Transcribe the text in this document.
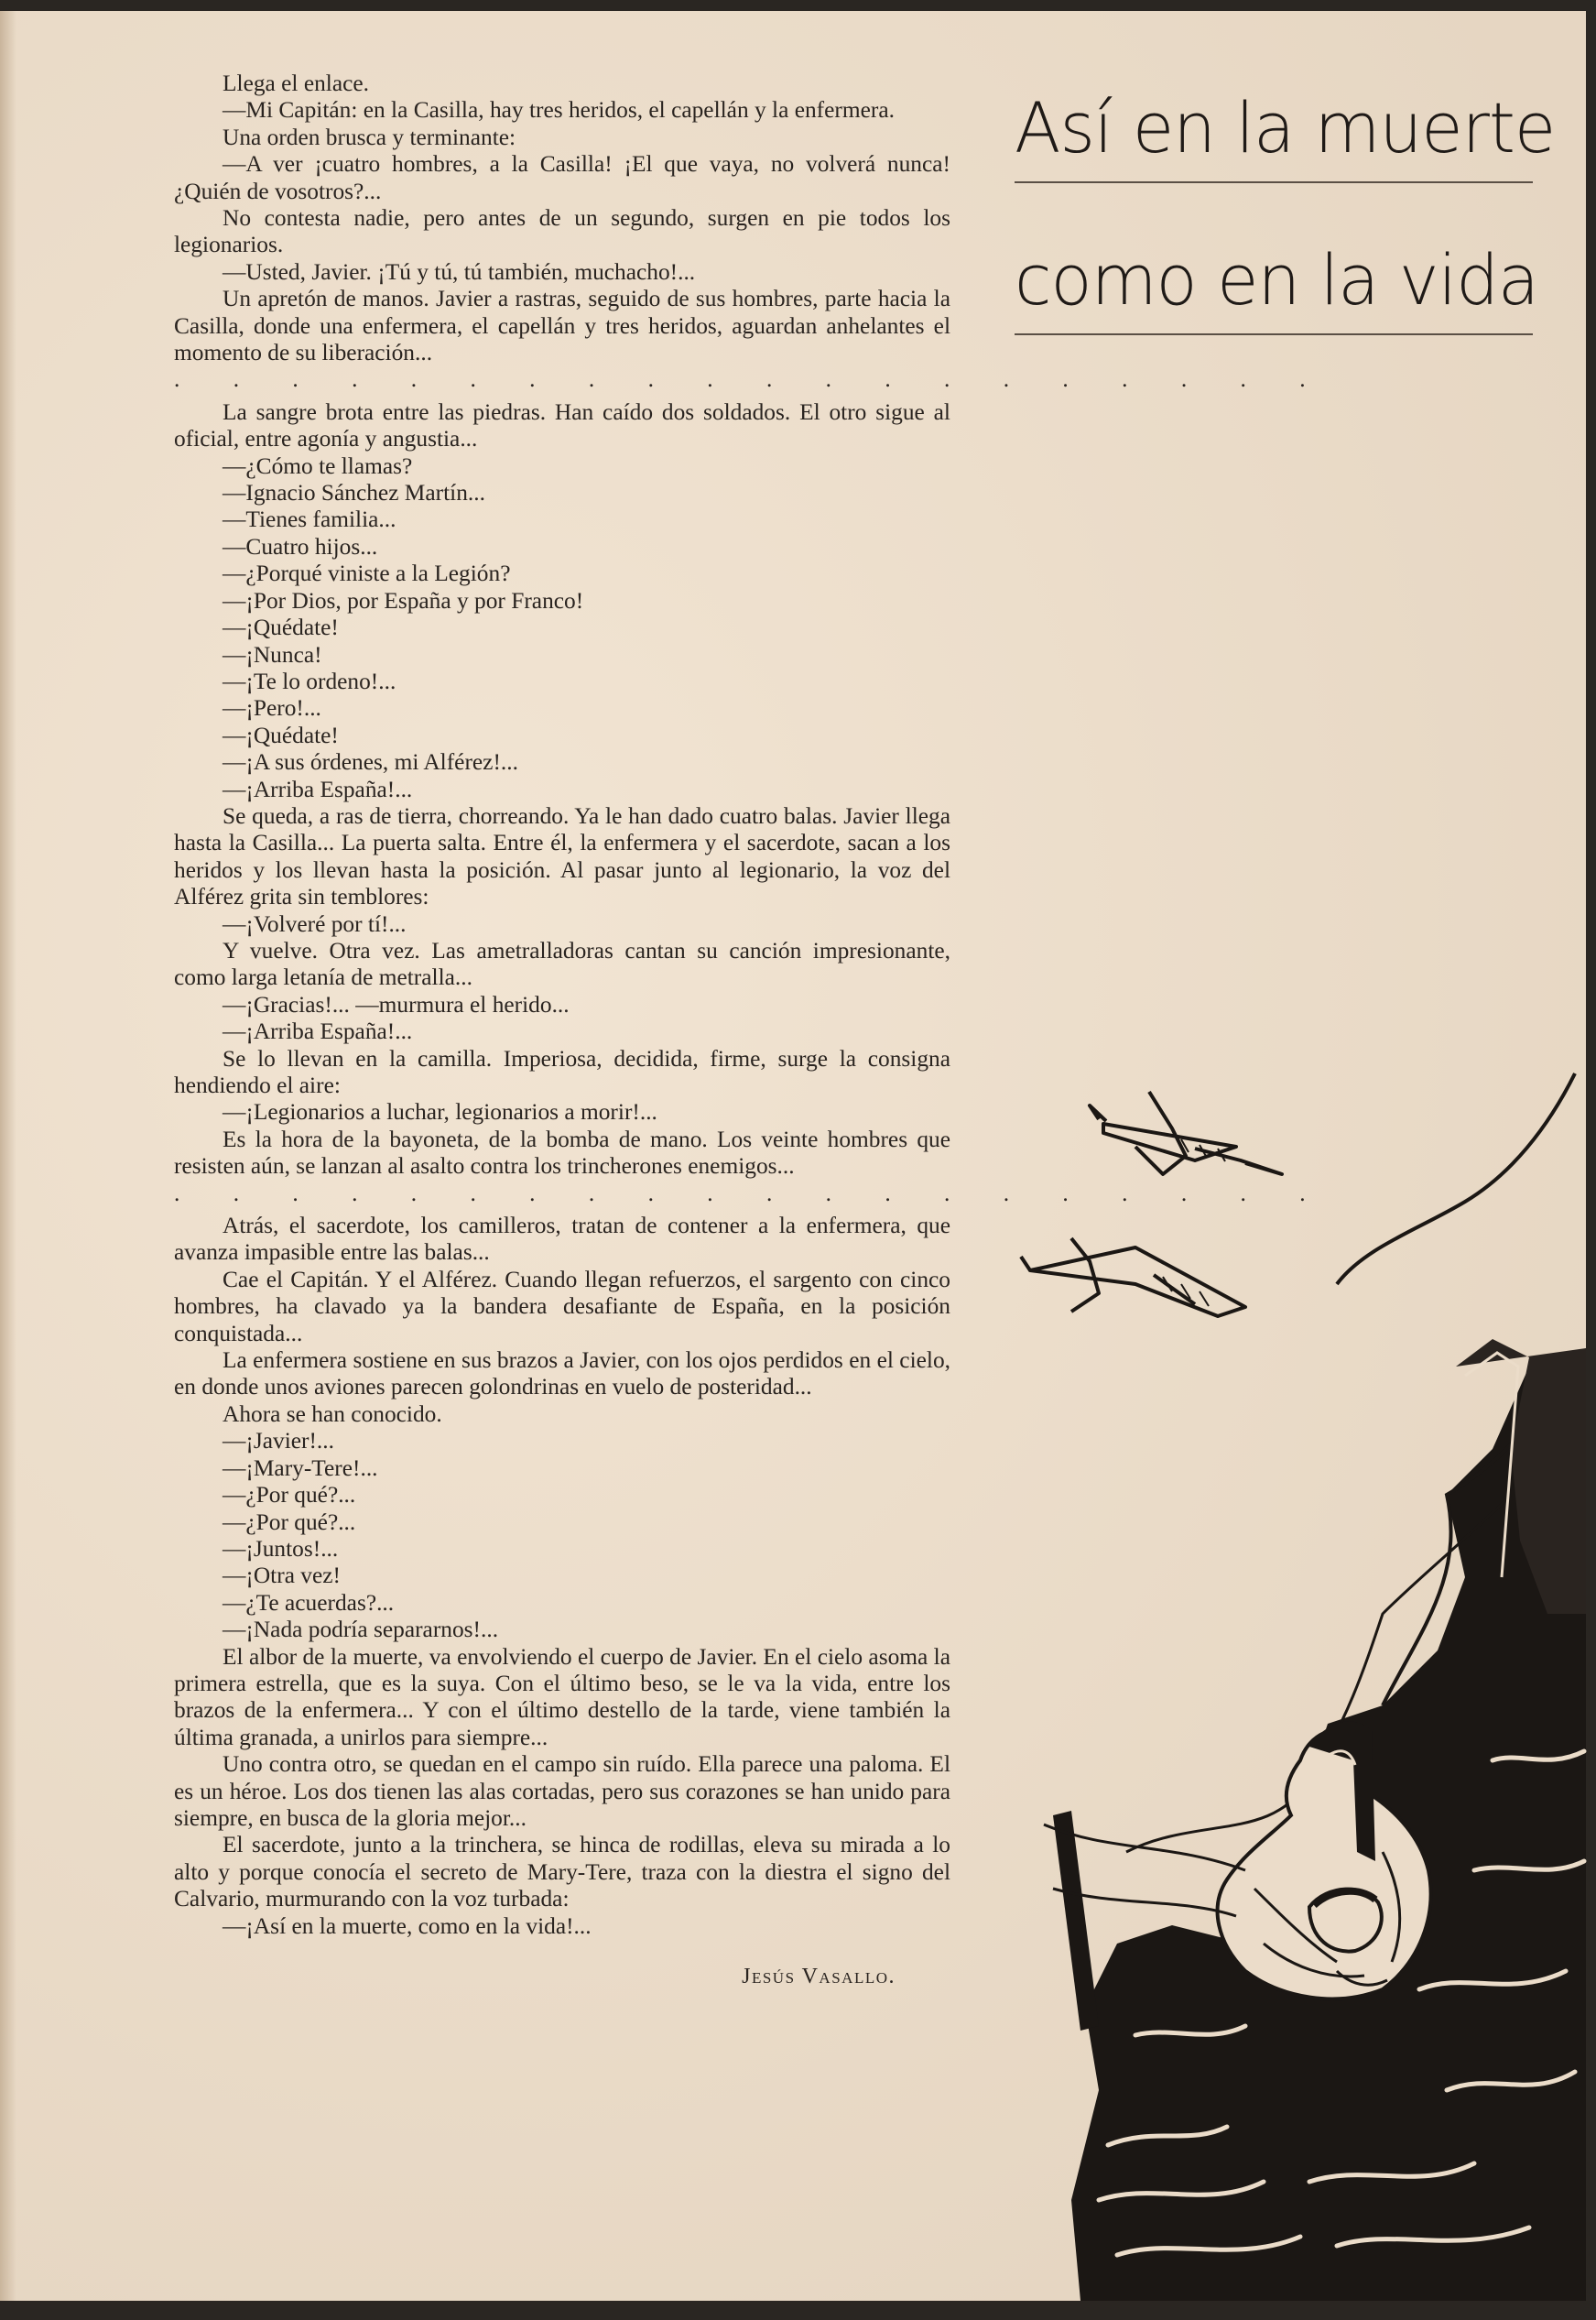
Llega el enlace.

—Mi Capitán: en la Casilla, hay tres heridos, el capellán y la enfermera.

Una orden brusca y terminante:

—A ver ¡cuatro hombres, a la Casilla! ¡El que vaya, no volverá nunca! ¿Quién de vosotros?...

No contesta nadie, pero antes de un segundo, surgen en pie todos los legionarios.

—Usted, Javier. ¡Tú y tú, tú también, muchacho!...

Un apretón de manos. Javier a rastras, seguido de sus hombres, parte hacia la Casilla, donde una enfermera, el capellán y tres heridos, aguardan anhelantes el momento de su liberación...

. . . . . . . . . . . . . . . . . . . .

La sangre brota entre las piedras. Han caído dos soldados. El otro sigue al oficial, entre agonía y angustia...

—¿Cómo te llamas?

—Ignacio Sánchez Martín...

—Tienes familia...

—Cuatro hijos...

—¿Porqué viniste a la Legión?

—¡Por Dios, por España y por Franco!

—¡Quédate!

—¡Nunca!

—¡Te lo ordeno!...

—¡Pero!...

—¡Quédate!

—¡A sus órdenes, mi Alférez!...

—¡Arriba España!...

Se queda, a ras de tierra, chorreando. Ya le han dado cuatro balas. Javier llega hasta la Casilla... La puerta salta. Entre él, la enfermera y el sacerdote, sacan a los heridos y los llevan hasta la posición. Al pasar junto al legionario, la voz del Alférez grita sin temblores:

—¡Volveré por tí!...

Y vuelve. Otra vez. Las ametralladoras cantan su canción impresionante, como larga letanía de metralla...

—¡Gracias!... —murmura el herido...

—¡Arriba España!...

Se lo llevan en la camilla. Imperiosa, decidida, firme, surge la consigna hendiendo el aire:

—¡Legionarios a luchar, legionarios a morir!...

Es la hora de la bayoneta, de la bomba de mano. Los veinte hombres que resisten aún, se lanzan al asalto contra los trincherones enemigos...

. . . . . . . . . . . . . . . . . . . .

Atrás, el sacerdote, los camilleros, tratan de contener a la enfermera, que avanza impasible entre las balas...

Cae el Capitán. Y el Alférez. Cuando llegan refuerzos, el sargento con cinco hombres, ha clavado ya la bandera desafiante de España, en la posición conquistada...

La enfermera sostiene en sus brazos a Javier, con los ojos perdidos en el cielo, en donde unos aviones parecen golondrinas en vuelo de posteridad...

Ahora se han conocido.

—¡Javier!...

—¡Mary-Tere!...

—¿Por qué?...

—¿Por qué?...

—¡Juntos!...

—¡Otra vez!

—¿Te acuerdas?...

—¡Nada podría separarnos!...

El albor de la muerte, va envolviendo el cuerpo de Javier. En el cielo asoma la primera estrella, que es la suya. Con el último beso, se le va la vida, entre los brazos de la enfermera... Y con el último destello de la tarde, viene también la última granada, a unirlos para siempre...

Uno contra otro, se quedan en el campo sin ruído. Ella parece una paloma. El es un héroe. Los dos tienen las alas cortadas, pero sus corazones se han unido para siempre, en busca de la gloria mejor...

El sacerdote, junto a la trinchera, se hinca de rodillas, eleva su mirada a lo alto y porque conocía el secreto de Mary-Tere, traza con la diestra el signo del Calvario, murmurando con la voz turbada:

—¡Así en la muerte, como en la vida!...

Jesús Vasallo.
Así en la muerte
como en la vida
